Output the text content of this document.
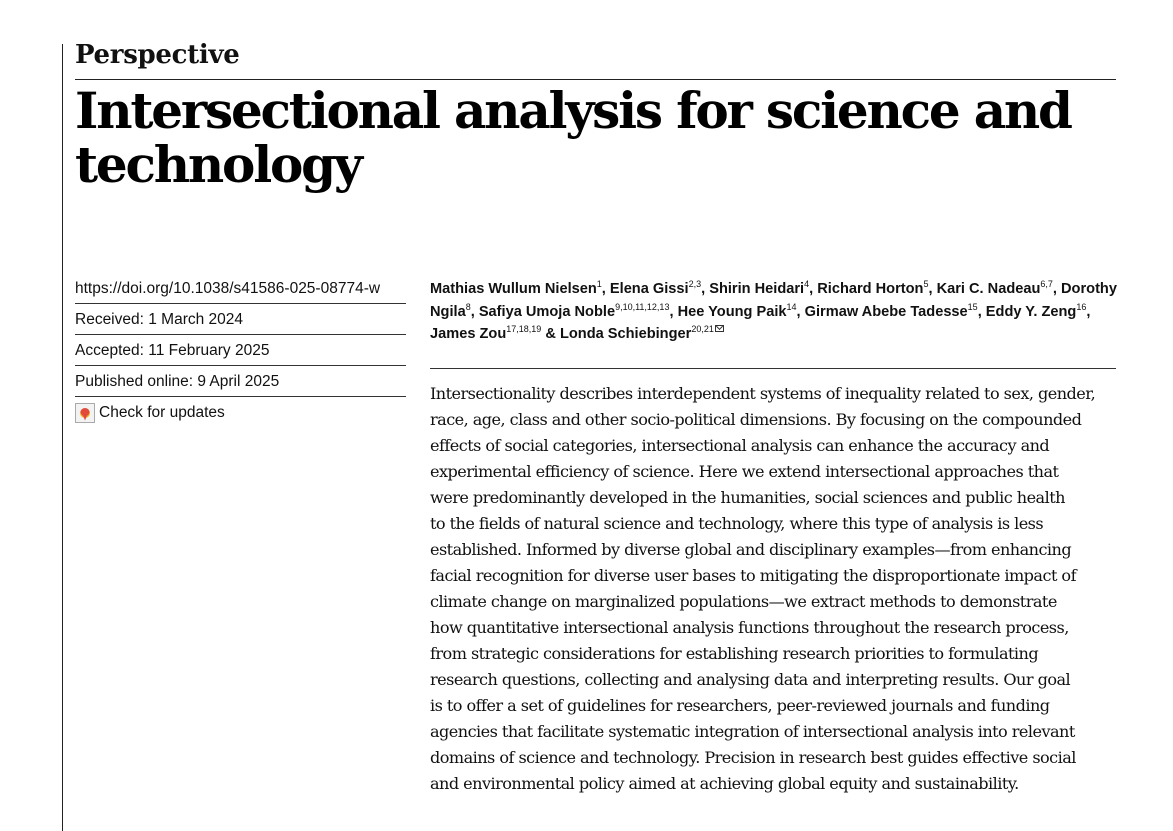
Perspective
Intersectional analysis for science and
technology
https://doi.org/10.1038/s41586-025-08774-w
Received: 1 March 2024
Accepted: 11 February 2025
Published online: 9 April 2025
Check for updates
Mathias Wullum Nielsen$^1$, Elena Gissi$^{2,3}$, Shirin Heidari$^4$, Richard Horton$^5$, Kari C. Nadeau$^{6,7}$, Dorothy Ngila$^8$, Safiya Umoja Noble$^{9,10,11,12,13}$, Hee Young Paik$^{14}$, Girmaw Abebe Tadesse$^{15}$, Eddy Y. Zeng$^{16}$, James Zou$^{17,18,19}$ & Londa Schiebinger$^{20,21}$

Intersectionality describes interdependent systems of inequality related to sex, gender,
race, age, class and other socio-political dimensions. By focusing on the compounded
effects of social categories, intersectional analysis can enhance the accuracy and
experimental efficiency of science. Here we extend intersectional approaches that
were predominantly developed in the humanities, social sciences and public health
to the fields of natural science and technology, where this type of analysis is less
established. Informed by diverse global and disciplinary examples—from enhancing
facial recognition for diverse user bases to mitigating the disproportionate impact of
climate change on marginalized populations—we extract methods to demonstrate
how quantitative intersectional analysis functions throughout the research process,
from strategic considerations for establishing research priorities to formulating
research questions, collecting and analysing data and interpreting results. Our goal
is to offer a set of guidelines for researchers, peer-reviewed journals and funding
agencies that facilitate systematic integration of intersectional analysis into relevant
domains of science and technology. Precision in research best guides effective social
and environmental policy aimed at achieving global equity and sustainability.
